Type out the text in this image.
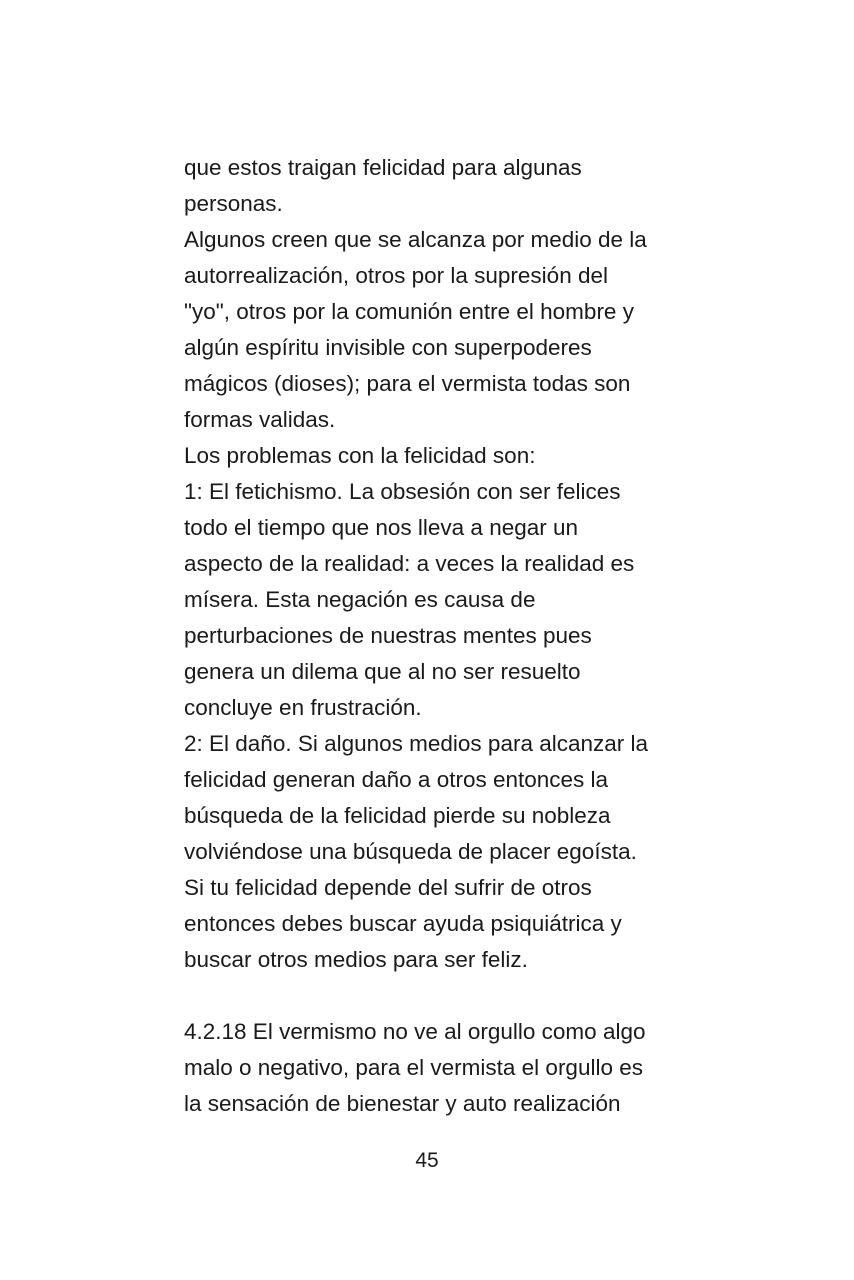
que estos traigan felicidad para algunas
personas.
Algunos creen que se alcanza por medio de la
autorrealización, otros por la supresión del
"yo", otros por la comunión entre el hombre y
algún espíritu invisible con superpoderes
mágicos (dioses); para el vermista todas son
formas validas.
Los problemas con la felicidad son:
1: El fetichismo. La obsesión con ser felices
todo el tiempo que nos lleva a negar un
aspecto de la realidad: a veces la realidad es
mísera. Esta negación es causa de
perturbaciones de nuestras mentes pues
genera un dilema que al no ser resuelto
concluye en frustración.
2: El daño. Si algunos medios para alcanzar la
felicidad generan daño a otros entonces la
búsqueda de la felicidad pierde su nobleza
volviéndose una búsqueda de placer egoísta.
Si tu felicidad depende del sufrir de otros
entonces debes buscar ayuda psiquiátrica y
buscar otros medios para ser feliz.
4.2.18 El vermismo no ve al orgullo como algo
malo o negativo, para el vermista el orgullo es
la sensación de bienestar y auto realización
45
